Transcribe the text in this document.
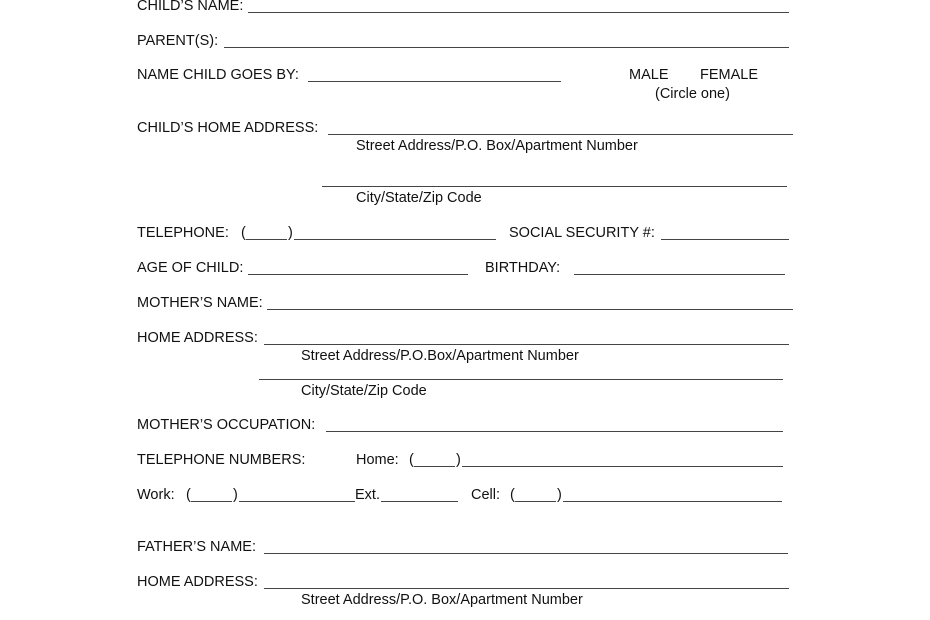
CHILD’S NAME:
PARENT(S):
NAME CHILD GOES BY:	MALE FEMALE
(Circle one)
CHILD’S HOME ADDRESS:
Street Address/P.O. Box/Apartment Number
City/State/Zip Code
TELEPHONE: (	)	SOCIAL SECURITY #:
AGE OF CHILD:	BIRTHDAY:
MOTHER’S NAME:
HOME ADDRESS:
Street Address/P.O.Box/Apartment Number
City/State/Zip Code
MOTHER’S OCCUPATION:
TELEPHONE NUMBERS:	Home: (	)
Work: (	)	Ext.	Cell: (	)
FATHER’S NAME:
HOME ADDRESS:
Street Address/P.O. Box/Apartment Number
